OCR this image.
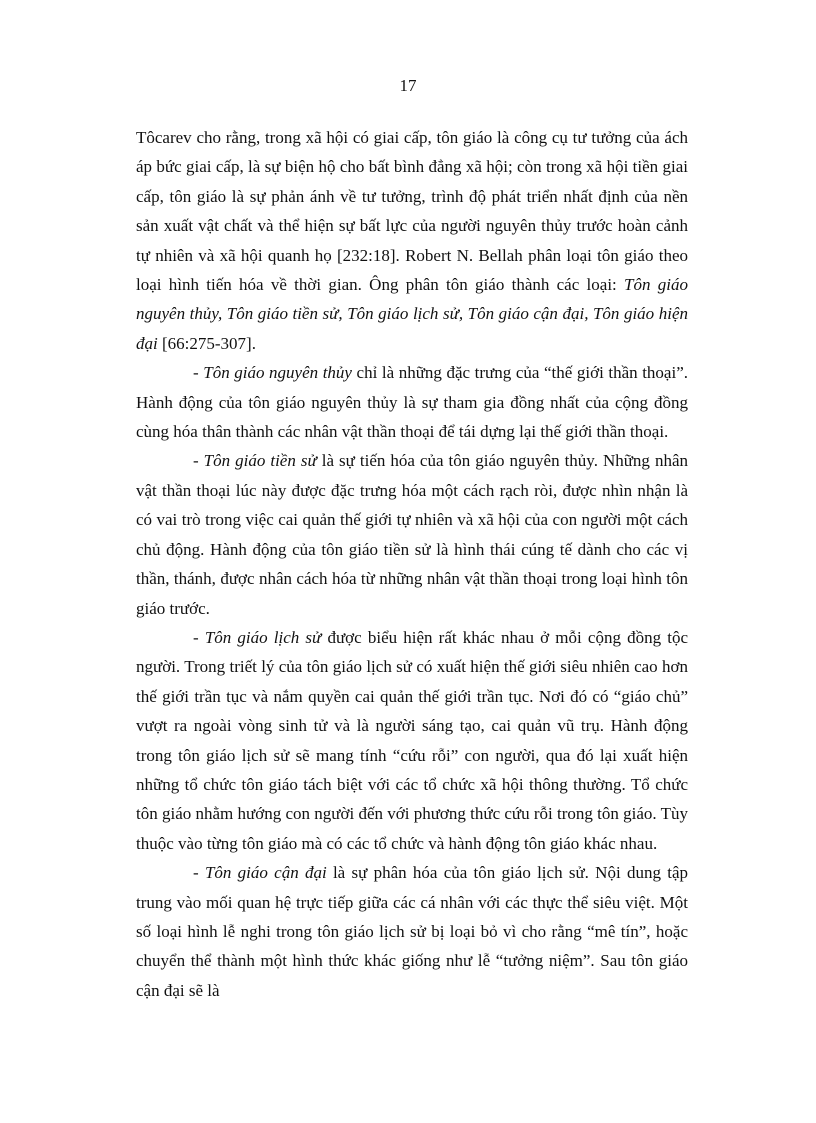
17

Tôcarev cho rằng, trong xã hội có giai cấp, tôn giáo là công cụ tư tưởng của ách áp bức giai cấp, là sự biện hộ cho bất bình đẳng xã hội; còn trong xã hội tiền giai cấp, tôn giáo là sự phản ánh về tư tưởng, trình độ phát triển nhất định của nền sản xuất vật chất và thể hiện sự bất lực của người nguyên thủy trước hoàn cảnh tự nhiên và xã hội quanh họ [232:18]. Robert N. Bellah phân loại tôn giáo theo loại hình tiến hóa về thời gian. Ông phân tôn giáo thành các loại: Tôn giáo nguyên thủy, Tôn giáo tiền sử, Tôn giáo lịch sử, Tôn giáo cận đại, Tôn giáo hiện đại [66:275-307].

- Tôn giáo nguyên thủy chỉ là những đặc trưng của “thế giới thần thoại”. Hành động của tôn giáo nguyên thủy là sự tham gia đồng nhất của cộng đồng cùng hóa thân thành các nhân vật thần thoại để tái dựng lại thế giới thần thoại.

- Tôn giáo tiền sử là sự tiến hóa của tôn giáo nguyên thủy. Những nhân vật thần thoại lúc này được đặc trưng hóa một cách rạch ròi, được nhìn nhận là có vai trò trong việc cai quản thế giới tự nhiên và xã hội của con người một cách chủ động. Hành động của tôn giáo tiền sử là hình thái cúng tế dành cho các vị thần, thánh, được nhân cách hóa từ những nhân vật thần thoại trong loại hình tôn giáo trước.

- Tôn giáo lịch sử được biểu hiện rất khác nhau ở mỗi cộng đồng tộc người. Trong triết lý của tôn giáo lịch sử có xuất hiện thế giới siêu nhiên cao hơn thế giới trần tục và nắm quyền cai quản thế giới trần tục. Nơi đó có “giáo chủ” vượt ra ngoài vòng sinh tử và là người sáng tạo, cai quản vũ trụ. Hành động trong tôn giáo lịch sử sẽ mang tính “cứu rỗi” con người, qua đó lại xuất hiện những tổ chức tôn giáo tách biệt với các tổ chức xã hội thông thường. Tổ chức tôn giáo nhằm hướng con người đến với phương thức cứu rỗi trong tôn giáo. Tùy thuộc vào từng tôn giáo mà có các tổ chức và hành động tôn giáo khác nhau.

- Tôn giáo cận đại là sự phân hóa của tôn giáo lịch sử. Nội dung tập trung vào mối quan hệ trực tiếp giữa các cá nhân với các thực thể siêu việt. Một số loại hình lễ nghi trong tôn giáo lịch sử bị loại bỏ vì cho rằng “mê tín”, hoặc chuyển thể thành một hình thức khác giống như lễ “tưởng niệm”. Sau tôn giáo cận đại sẽ là
